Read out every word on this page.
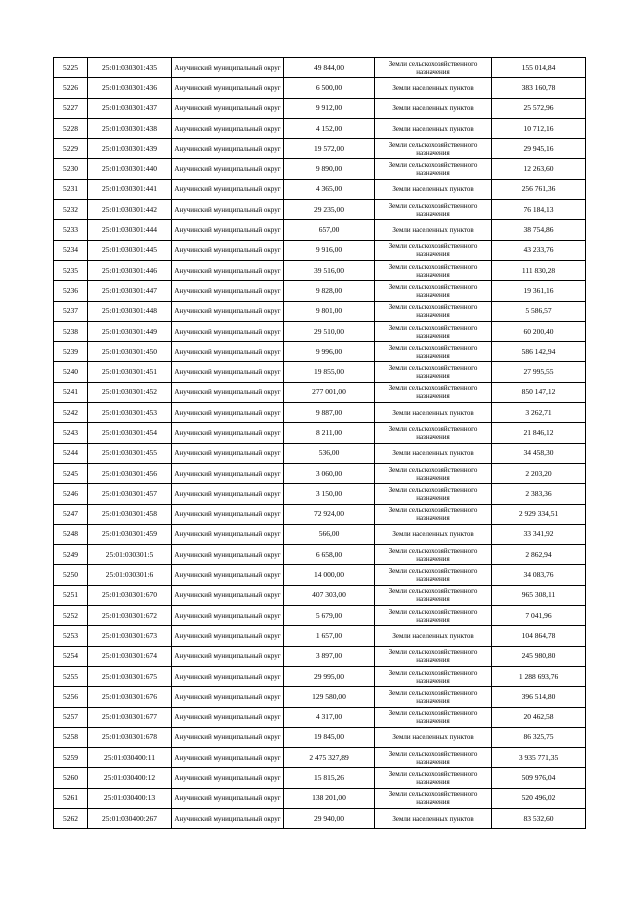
5225	25:01:030301:435	Анучинский муниципальный округ	49 844,00	Земли сельскохозяйственного назначения	155 014,84
5226	25:01:030301:436	Анучинский муниципальный округ	6 500,00	Земли населенных пунктов	383 160,78
5227	25:01:030301:437	Анучинский муниципальный округ	9 912,00	Земли населенных пунктов	25 572,96
5228	25:01:030301:438	Анучинский муниципальный округ	4 152,00	Земли населенных пунктов	10 712,16
5229	25:01:030301:439	Анучинский муниципальный округ	19 572,00	Земли сельскохозяйственного назначения	29 945,16
5230	25:01:030301:440	Анучинский муниципальный округ	9 890,00	Земли сельскохозяйственного назначения	12 263,60
5231	25:01:030301:441	Анучинский муниципальный округ	4 365,00	Земли населенных пунктов	256 761,36
5232	25:01:030301:442	Анучинский муниципальный округ	29 235,00	Земли сельскохозяйственного назначения	76 184,13
5233	25:01:030301:444	Анучинский муниципальный округ	657,00	Земли населенных пунктов	38 754,86
5234	25:01:030301:445	Анучинский муниципальный округ	9 916,00	Земли сельскохозяйственного назначения	43 233,76
5235	25:01:030301:446	Анучинский муниципальный округ	39 516,00	Земли сельскохозяйственного назначения	111 830,28
5236	25:01:030301:447	Анучинский муниципальный округ	9 828,00	Земли сельскохозяйственного назначения	19 361,16
5237	25:01:030301:448	Анучинский муниципальный округ	9 801,00	Земли сельскохозяйственного назначения	5 586,57
5238	25:01:030301:449	Анучинский муниципальный округ	29 510,00	Земли сельскохозяйственного назначения	60 200,40
5239	25:01:030301:450	Анучинский муниципальный округ	9 996,00	Земли сельскохозяйственного назначения	586 142,94
5240	25:01:030301:451	Анучинский муниципальный округ	19 855,00	Земли сельскохозяйственного назначения	27 995,55
5241	25:01:030301:452	Анучинский муниципальный округ	277 001,00	Земли сельскохозяйственного назначения	850 147,12
5242	25:01:030301:453	Анучинский муниципальный округ	9 887,00	Земли населенных пунктов	3 262,71
5243	25:01:030301:454	Анучинский муниципальный округ	8 211,00	Земли сельскохозяйственного назначения	21 846,12
5244	25:01:030301:455	Анучинский муниципальный округ	536,00	Земли населенных пунктов	34 458,30
5245	25:01:030301:456	Анучинский муниципальный округ	3 060,00	Земли сельскохозяйственного назначения	2 203,20
5246	25:01:030301:457	Анучинский муниципальный округ	3 150,00	Земли сельскохозяйственного назначения	2 383,36
5247	25:01:030301:458	Анучинский муниципальный округ	72 924,00	Земли сельскохозяйственного назначения	2 929 334,51
5248	25:01:030301:459	Анучинский муниципальный округ	566,00	Земли населенных пунктов	33 341,92
5249	25:01:030301:5	Анучинский муниципальный округ	6 658,00	Земли сельскохозяйственного назначения	2 862,94
5250	25:01:030301:6	Анучинский муниципальный округ	14 000,00	Земли сельскохозяйственного назначения	34 083,76
5251	25:01:030301:670	Анучинский муниципальный округ	407 303,00	Земли сельскохозяйственного назначения	965 308,11
5252	25:01:030301:672	Анучинский муниципальный округ	5 679,00	Земли сельскохозяйственного назначения	7 041,96
5253	25:01:030301:673	Анучинский муниципальный округ	1 657,00	Земли населенных пунктов	104 864,78
5254	25:01:030301:674	Анучинский муниципальный округ	3 897,00	Земли сельскохозяйственного назначения	245 980,80
5255	25:01:030301:675	Анучинский муниципальный округ	29 995,00	Земли сельскохозяйственного назначения	1 288 693,76
5256	25:01:030301:676	Анучинский муниципальный округ	129 580,00	Земли сельскохозяйственного назначения	396 514,80
5257	25:01:030301:677	Анучинский муниципальный округ	4 317,00	Земли сельскохозяйственного назначения	20 462,58
5258	25:01:030301:678	Анучинский муниципальный округ	19 845,00	Земли населенных пунктов	86 325,75
5259	25:01:030400:11	Анучинский муниципальный округ	2 475 327,89	Земли сельскохозяйственного назначения	3 935 771,35
5260	25:01:030400:12	Анучинский муниципальный округ	15 815,26	Земли сельскохозяйственного назначения	509 976,04
5261	25:01:030400:13	Анучинский муниципальный округ	138 201,00	Земли сельскохозяйственного назначения	520 496,02
5262	25:01:030400:267	Анучинский муниципальный округ	29 940,00	Земли населенных пунктов	83 532,60
